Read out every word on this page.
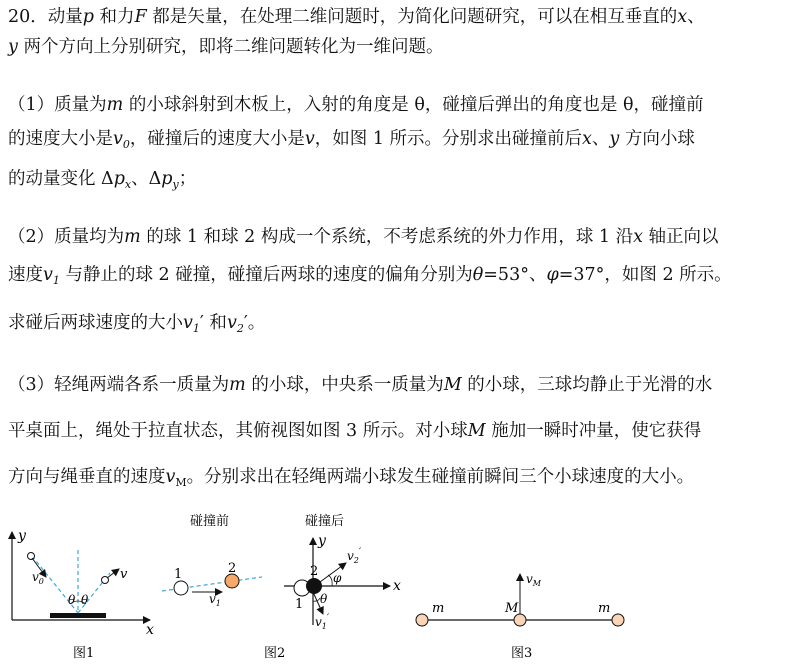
20．动量p 和力F 都是矢量，在处理二维问题时，为简化问题研究，可以在相互垂直的x、
y 两个方向上分别研究，即将二维问题转化为一维问题。
（1）质量为m 的小球斜射到木板上，入射的角度是 θ，碰撞后弹出的角度也是 θ，碰撞前
的速度大小是$v_0$，碰撞后的速度大小是v，如图 1 所示。分别求出碰撞前后x、y 方向小球
的动量变化 $\Delta p_x$、$\Delta p_y$；
（2）质量均为m 的球 1 和球 2 构成一个系统，不考虑系统的外力作用，球 1 沿x 轴正向以
速度$v_1$ 与静止的球 2 碰撞，碰撞后两球的速度的偏角分别为θ=53°、φ=37°，如图 2 所示。
求碰后两球速度的大小$v_1'$ 和$v_2'$。
（3）轻绳两端各系一质量为m 的小球，中央系一质量为M 的小球，三球均静止于光滑的水
平桌面上，绳处于拉直状态，其俯视图如图 3 所示。对小球M 施加一瞬时冲量，使它获得
方向与绳垂直的速度$v_M$。分别求出在轻绳两端小球发生碰撞前瞬间三个小球速度的大小。
y
x
$v_0$	v
θ θ
图1
碰撞前	碰撞后
1	2
$v_1$
y
x
2
1
$v_2'$
$v_1'$
φ
θ
图2
m	M	m
$v_M$
图3
